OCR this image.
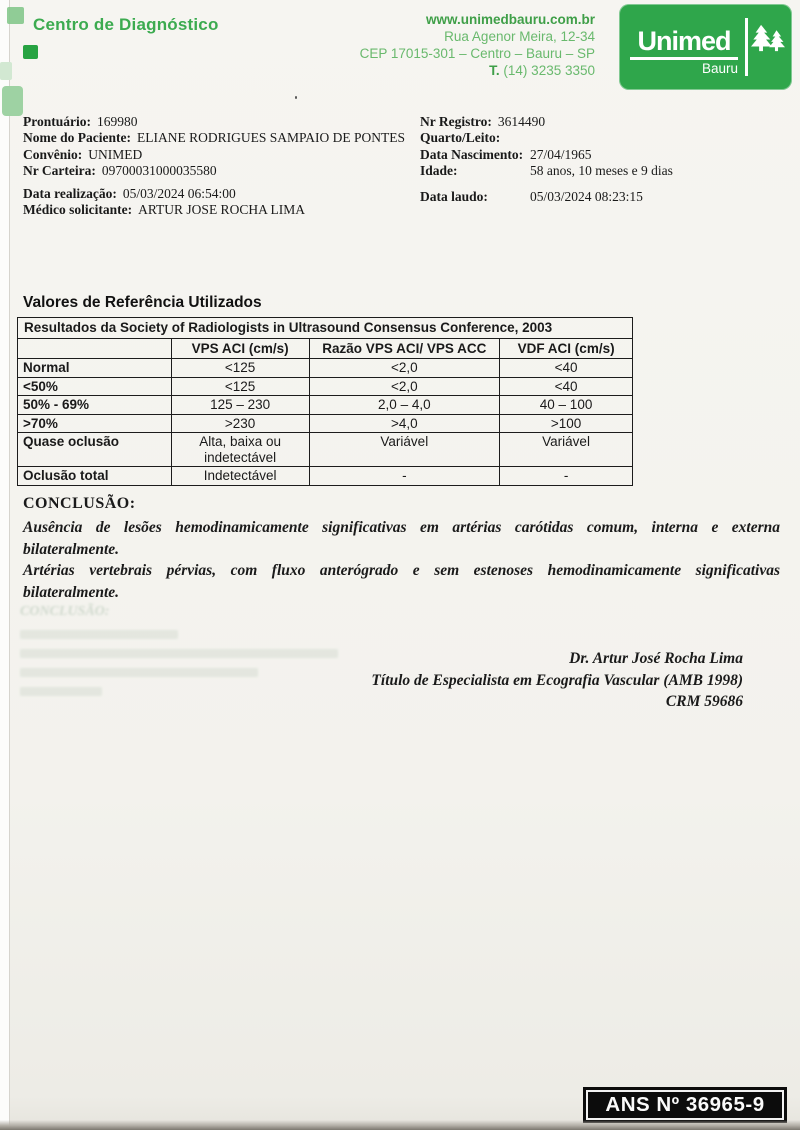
Centro de Diagnóstico	www.unimedbauru.com.br
Rua Agenor Meira, 12-34
CEP 17015-301 – Centro – Bauru – SP
T. (14) 3235 3350
Unimed
Bauru
Prontuário: 169980
Nome do Paciente: ELIANE RODRIGUES SAMPAIO DE PONTES
Convênio: UNIMED
Nr Carteira: 09700031000035580
Data realização: 05/03/2024 06:54:00
Médico solicitante: ARTUR JOSE ROCHA LIMA
Nr Registro: 3614490
Quarto/Leito:
Data Nascimento: 27/04/1965
Idade:	58 anos, 10 meses e 9 dias
Data laudo:	05/03/2024 08:23:15
Valores de Referência Utilizados
Resultados da Society of Radiologists in Ultrasound Consensus Conference, 2003			
	VPS ACI (cm/s)	Razão VPS ACI/ VPS ACC	VDF ACI (cm/s)
Normal	<125	<2,0	<40
<50%	<125	<2,0	<40
50% - 69%	125 – 230	2,0 – 4,0	40 – 100
>70%	>230	>4,0	>100
Quase oclusão	Alta, baixa ou indetectável	Variável	Variável
Oclusão total	Indetectável	-	-
CONCLUSÃO:

Ausência de lesões hemodinamicamente significativas em artérias carótidas comum, interna e externa bilateralmente.

Artérias vertebrais pérvias, com fluxo anterógrado e sem estenoses hemodinamicamente significativas bilateralmente.

CONCLUSÃO:
Dr. Artur José Rocha Lima
Título de Especialista em Ecografia Vascular (AMB 1998)
CRM 59686
ANS Nº 36965-9
